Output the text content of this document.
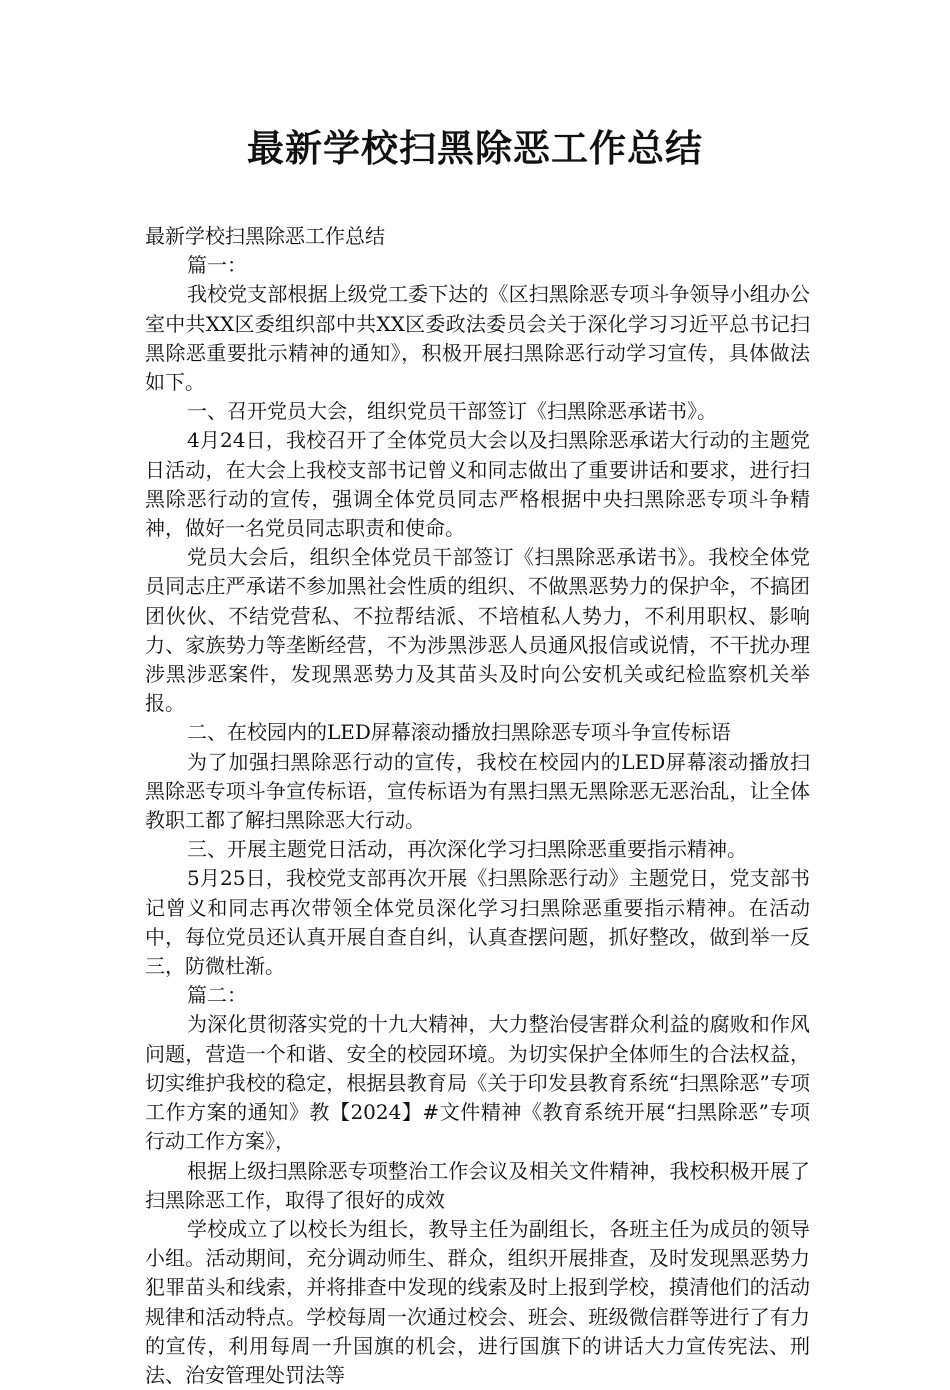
最新学校扫黑除恶工作总结

最新学校扫黑除恶工作总结

篇一：

我校党支部根据上级党工委下达的《区扫黑除恶专项斗争领导小组办公室中共XX区委组织部中共XX区委政法委员会关于深化学习习近平总书记扫黑除恶重要批示精神的通知》，积极开展扫黑除恶行动学习宣传，具体做法如下。

一、召开党员大会，组织党员干部签订《扫黑除恶承诺书》。

4月24日，我校召开了全体党员大会以及扫黑除恶承诺大行动的主题党日活动，在大会上我校支部书记曾义和同志做出了重要讲话和要求，进行扫黑除恶行动的宣传，强调全体党员同志严格根据中央扫黑除恶专项斗争精神，做好一名党员同志职责和使命。

党员大会后，组织全体党员干部签订《扫黑除恶承诺书》。我校全体党员同志庄严承诺不参加黑社会性质的组织、不做黑恶势力的保护伞，不搞团团伙伙、不结党营私、不拉帮结派、不培植私人势力，不利用职权、影响力、家族势力等垄断经营，不为涉黑涉恶人员通风报信或说情，不干扰办理涉黑涉恶案件，发现黑恶势力及其苗头及时向公安机关或纪检监察机关举报。

二、在校园内的LED屏幕滚动播放扫黑除恶专项斗争宣传标语

为了加强扫黑除恶行动的宣传，我校在校园内的LED屏幕滚动播放扫黑除恶专项斗争宣传标语，宣传标语为有黑扫黑无黑除恶无恶治乱，让全体教职工都了解扫黑除恶大行动。

三、开展主题党日活动，再次深化学习扫黑除恶重要指示精神。

5月25日，我校党支部再次开展《扫黑除恶行动》主题党日，党支部书记曾义和同志再次带领全体党员深化学习扫黑除恶重要指示精神。在活动中，每位党员还认真开展自查自纠，认真查摆问题，抓好整改，做到举一反三，防微杜渐。

篇二：

为深化贯彻落实党的十九大精神，大力整治侵害群众利益的腐败和作风问题，营造一个和谐、安全的校园环境。为切实保护全体师生的合法权益，切实维护我校的稳定，根据县教育局《关于印发县教育系统“扫黑除恶”专项工作方案的通知》教【2024】#文件精神《教育系统开展“扫黑除恶”专项行动工作方案》，

根据上级扫黑除恶专项整治工作会议及相关文件精神，我校积极开展了扫黑除恶工作，取得了很好的成效

学校成立了以校长为组长，教导主任为副组长，各班主任为成员的领导小组。活动期间，充分调动师生、群众，组织开展排查，及时发现黑恶势力犯罪苗头和线索，并将排查中发现的线索及时上报到学校，摸清他们的活动规律和活动特点。学校每周一次通过校会、班会、班级微信群等进行了有力的宣传，利用每周一升国旗的机会，进行国旗下的讲话大力宣传宪法、刑法、治安管理处罚法等
